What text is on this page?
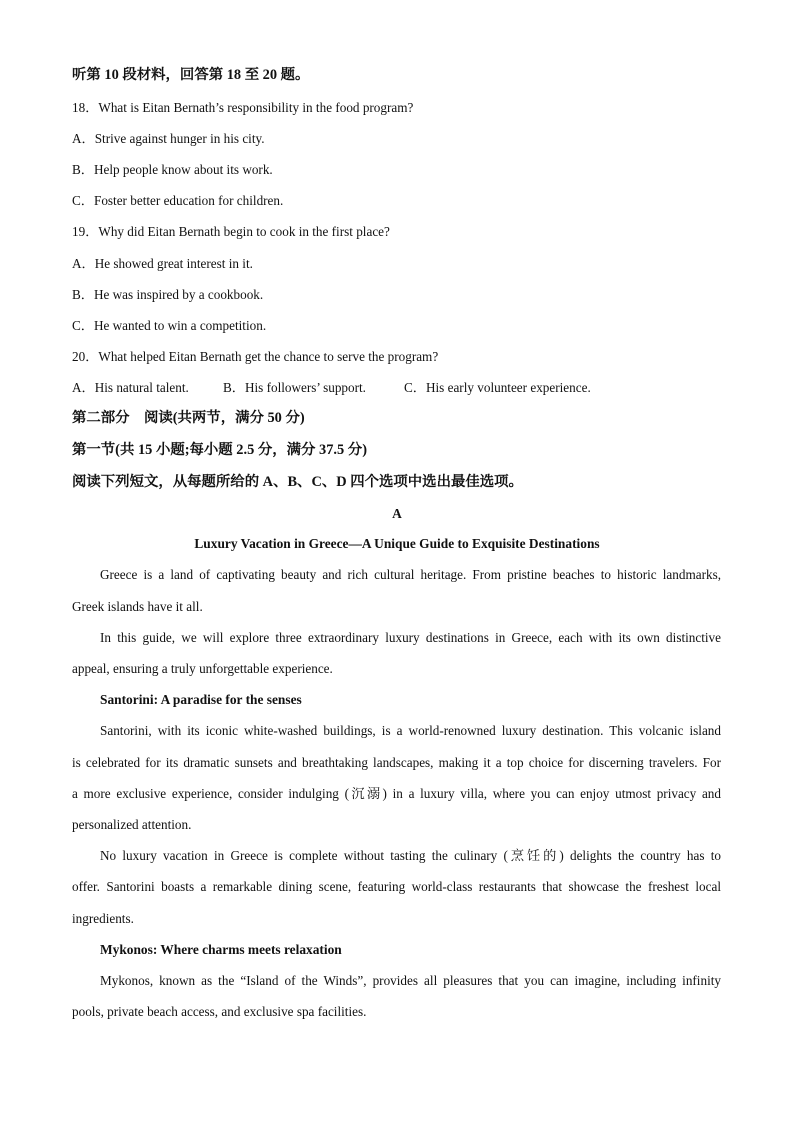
听第 10 段材料，回答第 18 至 20 题。
18．What is Eitan Bernath’s responsibility in the food program?
A．Strive against hunger in his city.
B．Help people know about its work.
C．Foster better education for children.
19．Why did Eitan Bernath begin to cook in the first place?
A．He showed great interest in it.
B．He was inspired by a cookbook.
C．He wanted to win a competition.
20．What helped Eitan Bernath get the chance to serve the program?
A．His natural talent.	B．His followers’ support.	C．His early volunteer experience.
第二部分　阅读(共两节，满分 50 分)
第一节(共 15 小题;每小题 2.5 分，满分 37.5 分)
阅读下列短文，从每题所给的 A、B、C、D 四个选项中选出最佳选项。
A
Luxury Vacation in Greece—A Unique Guide to Exquisite Destinations
Greece is a land of captivating beauty and rich cultural heritage. From pristine beaches to historic landmarks,
Greek islands have it all.
In this guide, we will explore three extraordinary luxury destinations in Greece, each with its own distinctive
appeal, ensuring a truly unforgettable experience.
Santorini: A paradise for the senses
Santorini, with its iconic white-washed buildings, is a world-renowned luxury destination. This volcanic island
is celebrated for its dramatic sunsets and breathtaking landscapes, making it a top choice for discerning travelers. For
a more exclusive experience, consider indulging (沉溺) in a luxury villa, where you can enjoy utmost privacy and
personalized attention.
No luxury vacation in Greece is complete without tasting the culinary (烹饪的) delights the country has to
offer. Santorini boasts a remarkable dining scene, featuring world-class restaurants that showcase the freshest local
ingredients.
Mykonos: Where charms meets relaxation
Mykonos, known as the “Island of the Winds”, provides all pleasures that you can imagine, including infinity
pools, private beach access, and exclusive spa facilities.
